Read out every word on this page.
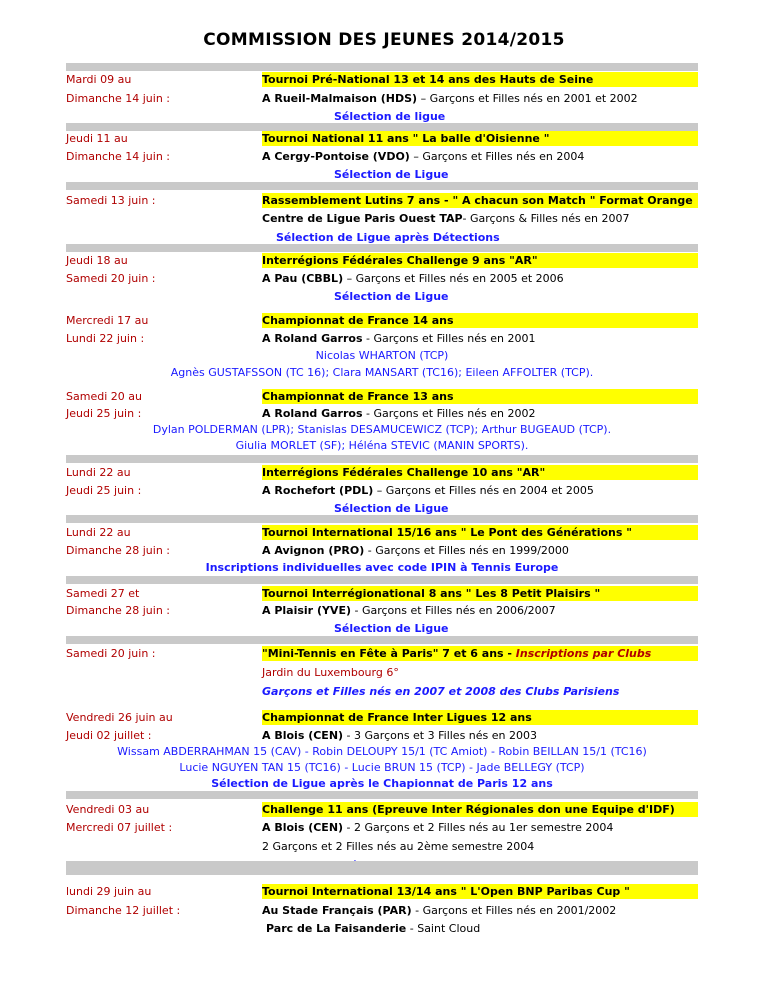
COMMISSION DES JEUNES 2014/2015
Mardi 09 au	Tournoi Pré-National 13 et 14 ans des Hauts de Seine
Dimanche 14 juin :	A Rueil-Malmaison (HDS) – Garçons et Filles nés en 2001 et 2002
Sélection de ligue
Jeudi 11 au	Tournoi National 11 ans " La balle d'Oisienne "
Dimanche 14 juin :	A Cergy-Pontoise (VDO) – Garçons et Filles nés en 2004
Sélection de Ligue
Samedi 13 juin :	Rassemblement Lutins 7 ans - " A chacun son Match " Format Orange
Centre de Ligue Paris Ouest TAP- Garçons & Filles nés en 2007
Sélection de Ligue après Détections
Jeudi 18 au	Interrégions Fédérales Challenge 9 ans "AR"
Samedi 20 juin :	A Pau (CBBL) – Garçons et Filles nés en 2005 et 2006
Sélection de Ligue
Mercredi 17 au	Championnat de France 14 ans
Lundi 22 juin :	A Roland Garros - Garçons et Filles nés en 2001
Nicolas WHARTON (TCP)
Agnès GUSTAFSSON (TC 16); Clara MANSART (TC16); Eileen AFFOLTER (TCP).
Samedi 20 au	Championnat de France 13 ans
Jeudi 25 juin :	A Roland Garros - Garçons et Filles nés en 2002
Dylan POLDERMAN (LPR); Stanislas DESAMUCEWICZ (TCP); Arthur BUGEAUD (TCP).
Giulia MORLET (SF); Héléna STEVIC (MANIN SPORTS).
Lundi 22 au	Interrégions Fédérales Challenge 10 ans "AR"
Jeudi 25 juin :	A Rochefort (PDL) – Garçons et Filles nés en 2004 et 2005
Sélection de Ligue
Lundi 22 au	Tournoi International 15/16 ans " Le Pont des Générations "
Dimanche 28 juin :	A Avignon (PRO) - Garçons et Filles nés en 1999/2000
Inscriptions individuelles avec code IPIN à Tennis Europe
Samedi 27 et	Tournoi Interrégionational 8 ans " Les 8 Petit Plaisirs "
Dimanche 28 juin :	A Plaisir (YVE) - Garçons et Filles nés en 2006/2007
Sélection de Ligue
Samedi 20 juin :	"Mini-Tennis en Fête à Paris" 7 et 6 ans - Inscriptions par Clubs
Jardin du Luxembourg 6°
Garçons et Filles nés en 2007 et 2008 des Clubs Parisiens
Vendredi 26 juin au	Championnat de France Inter Ligues 12 ans
Jeudi 02 juillet :	A Blois (CEN) - 3 Garçons et 3 Filles nés en 2003
Wissam ABDERRAHMAN 15 (CAV) - Robin DELOUPY 15/1 (TC Amiot) - Robin BEILLAN 15/1 (TC16)
Lucie NGUYEN TAN 15 (TC16) - Lucie BRUN 15 (TCP) - Jade BELLEGY (TCP)
Sélection de Ligue après le Chapionnat de Paris 12 ans
Vendredi 03 au	Challenge 11 ans (Epreuve Inter Régionales don une Equipe d'IDF)
Mercredi 07 juillet :	A Blois (CEN) - 2 Garçons et 2 Filles nés au 1er semestre 2004
2 Garçons et 2 Filles nés au 2ème semestre 2004
lundi 29 juin au	Tournoi International 13/14 ans " L'Open BNP Paribas Cup "
Dimanche 12 juillet :	Au Stade Français (PAR) - Garçons et Filles nés en 2001/2002
Parc de La Faisanderie - Saint Cloud
